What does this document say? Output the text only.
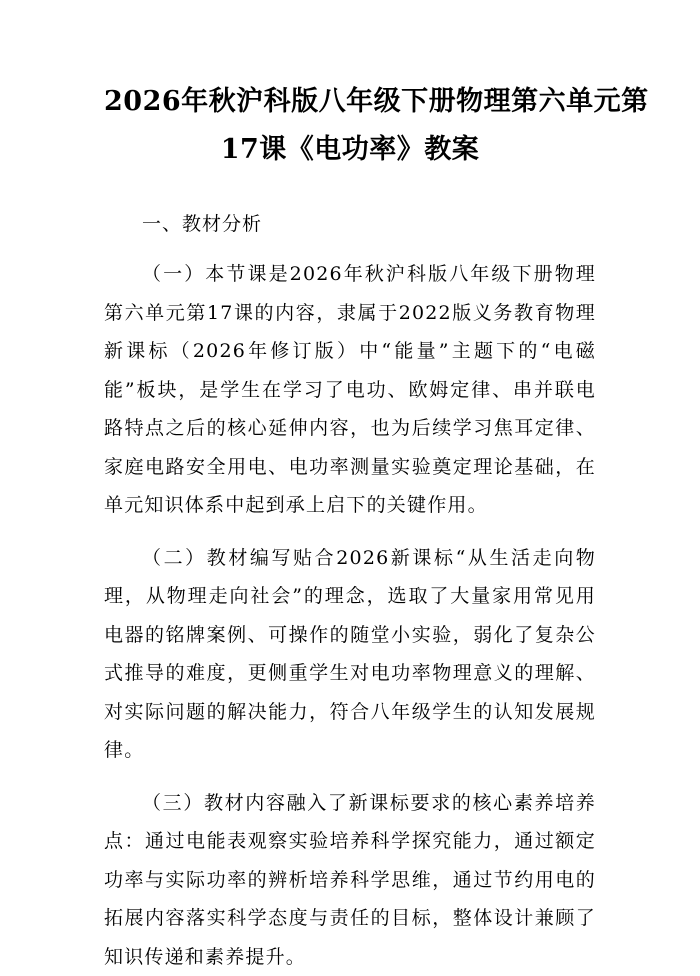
2026年秋沪科版八年级下册物理第六单元第
17课《电功率》教案

一、教材分析

（一）本节课是2026年秋沪科版八年级下册物理第六单元第17课的内容，隶属于2022版义务教育物理新课标（2026年修订版）中“能量”主题下的“电磁能”板块，是学生在学习了电功、欧姆定律、串并联电路特点之后的核心延伸内容，也为后续学习焦耳定律、家庭电路安全用电、电功率测量实验奠定理论基础，在单元知识体系中起到承上启下的关键作用。

（二）教材编写贴合2026新课标“从生活走向物理，从物理走向社会”的理念，选取了大量家用常见用电器的铭牌案例、可操作的随堂小实验，弱化了复杂公式推导的难度，更侧重学生对电功率物理意义的理解、对实际问题的解决能力，符合八年级学生的认知发展规律。

（三）教材内容融入了新课标要求的核心素养培养点：通过电能表观察实验培养科学探究能力，通过额定功率与实际功率的辨析培养科学思维，通过节约用电的拓展内容落实科学态度与责任的目标，整体设计兼顾了知识传递和素养提升。
